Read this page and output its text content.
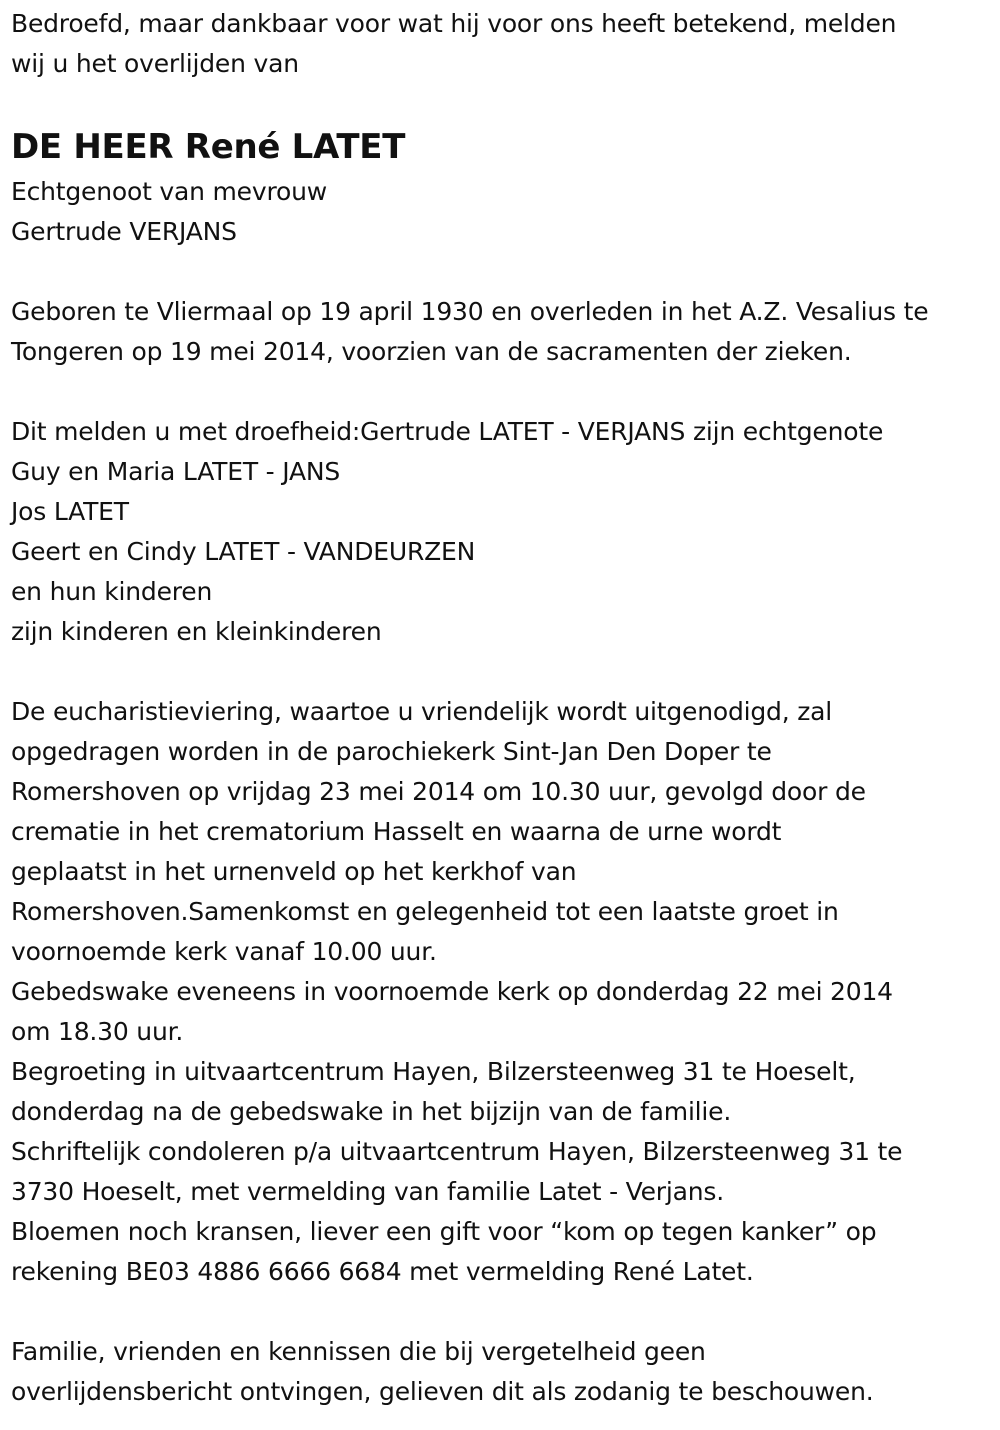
Bedroefd, maar dankbaar voor wat hij voor ons heeft betekend, melden
wij u het overlijden van
DE HEER René LATET
Echtgenoot van mevrouw
Gertrude VERJANS
Geboren te Vliermaal op 19 april 1930 en overleden in het A.Z. Vesalius te
Tongeren op 19 mei 2014, voorzien van de sacramenten der zieken.
Dit melden u met droefheid:Gertrude LATET - VERJANS zijn echtgenote
Guy en Maria LATET - JANS
Jos LATET
Geert en Cindy LATET - VANDEURZEN
en hun kinderen
zijn kinderen en kleinkinderen
De eucharistieviering, waartoe u vriendelijk wordt uitgenodigd, zal
opgedragen worden in de parochiekerk Sint-Jan Den Doper te
Romershoven op vrijdag 23 mei 2014 om 10.30 uur, gevolgd door de
crematie in het crematorium Hasselt en waarna de urne wordt
geplaatst in het urnenveld op het kerkhof van
Romershoven.Samenkomst en gelegenheid tot een laatste groet in
voornoemde kerk vanaf 10.00 uur.
Gebedswake eveneens in voornoemde kerk op donderdag 22 mei 2014
om 18.30 uur.
Begroeting in uitvaartcentrum Hayen, Bilzersteenweg 31 te Hoeselt,
donderdag na de gebedswake in het bijzijn van de familie.
Schriftelijk condoleren p/a uitvaartcentrum Hayen, Bilzersteenweg 31 te
3730 Hoeselt, met vermelding van familie Latet - Verjans.
Bloemen noch kransen, liever een gift voor “kom op tegen kanker” op
rekening BE03 4886 6666 6684 met vermelding René Latet.
Familie, vrienden en kennissen die bij vergetelheid geen
overlijdensbericht ontvingen, gelieven dit als zodanig te beschouwen.
